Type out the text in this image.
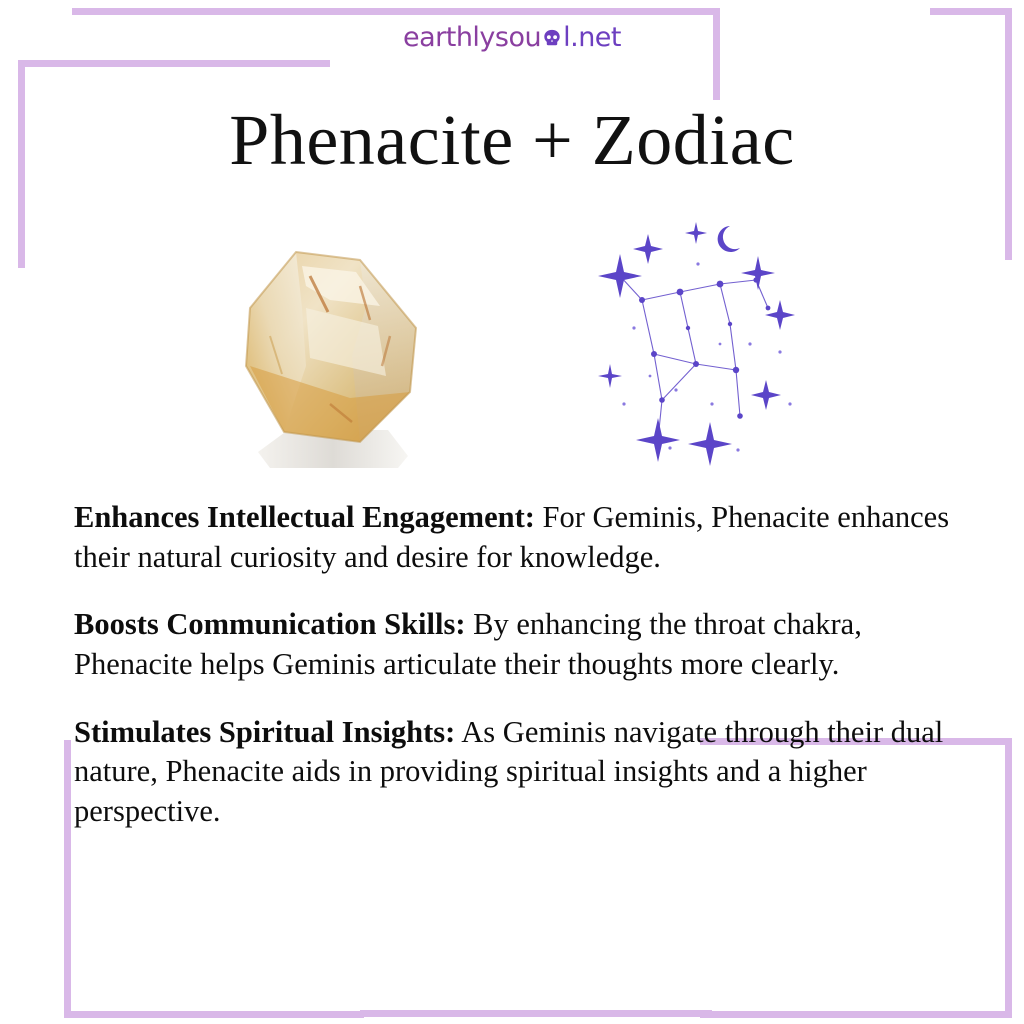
earthlysou l.net
Phenacite + Zodiac

Enhances Intellectual Engagement: For Geminis, Phenacite enhances their natural curiosity and desire for knowledge.

Boosts Communication Skills: By enhancing the throat chakra, Phenacite helps Geminis articulate their thoughts more clearly.

Stimulates Spiritual Insights: As Geminis navigate through their dual nature, Phenacite aids in providing spiritual insights and a higher perspective.
